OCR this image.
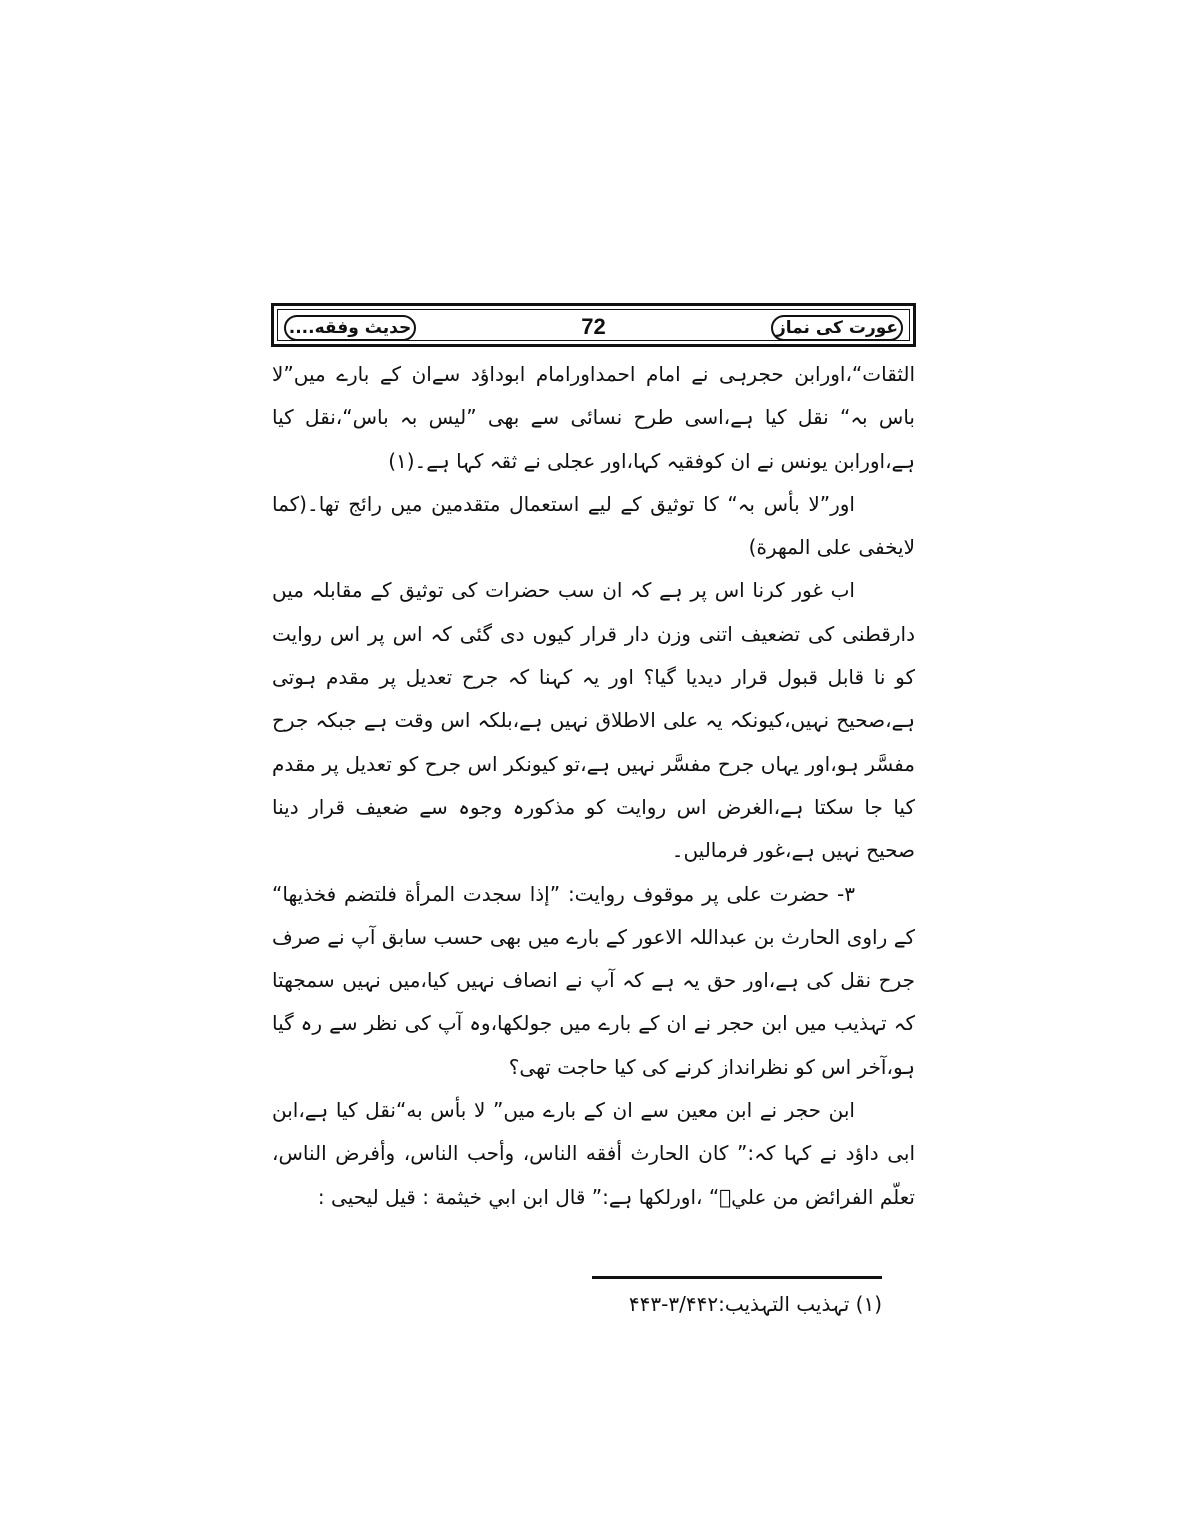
عورت کی نماز
72
حدیث وفقه....

الثقات“،اورابن حجرہی نے امام احمداورامام ابوداؤد سےان کے بارے میں”لا باس بہ“ نقل کیا ہے،اسی طرح نسائی سے بھی ”لیس بہ باس“،نقل کیا ہے،اورابن یونس نے ان کوفقیہ کہا،اور عجلی نے ثقہ کہا ہے۔(۱)

اور”لا بأس بہ“ کا توثیق کے لیے استعمال متقدمین میں رائج تھا۔(کما لایخفی علی المهرة)

اب غور کرنا اس پر ہے کہ ان سب حضرات کی توثیق کے مقابلہ میں دارقطنی کی تضعیف اتنی وزن دار قرار کیوں دی گئی کہ اس پر اس روایت کو نا قابل قبول قرار دیدیا گیا؟ اور یہ کہنا کہ جرح تعدیل پر مقدم ہوتی ہے،صحیح نہیں،کیونکہ یہ علی الاطلاق نہیں ہے،بلکہ اس وقت ہے جبکہ جرح مفسَّر ہو،اور یہاں جرح مفسَّر نہیں ہے،تو کیونکر اس جرح کو تعدیل پر مقدم کیا جا سکتا ہے،الغرض اس روایت کو مذکورہ وجوہ سے ضعیف قرار دینا صحیح نہیں ہے،غور فرمالیں۔

۳- حضرت علی پر موقوف روایت: ”إذا سجدت المرأة فلتضم فخذيها“ کے راوی الحارث بن عبداللہ الاعور کے بارے میں بھی حسب سابق آپ نے صرف جرح نقل کی ہے،اور حق یہ ہے کہ آپ نے انصاف نہیں کیا،میں نہیں سمجھتا کہ تہذیب میں ابن حجر نے ان کے بارے میں جولکھا،وہ آپ کی نظر سے رہ گیا ہو،آخر اس کو نظرانداز کرنے کی کیا حاجت تھی؟

ابن حجر نے ابن معین سے ان کے بارے میں” لا بأس به“نقل کیا ہے،ابن ابی داؤد نے کہا کہ:” كان الحارث أفقه الناس، وأحب الناس، وأفرض الناس، تعلّم الفرائض من عليؓ“ ،اورلکھا ہے:” قال ابن ابي خيثمة : قيل ليحيى :

(۱) تہذیب التہذیب:۳/۴۴۲-۴۴۳
